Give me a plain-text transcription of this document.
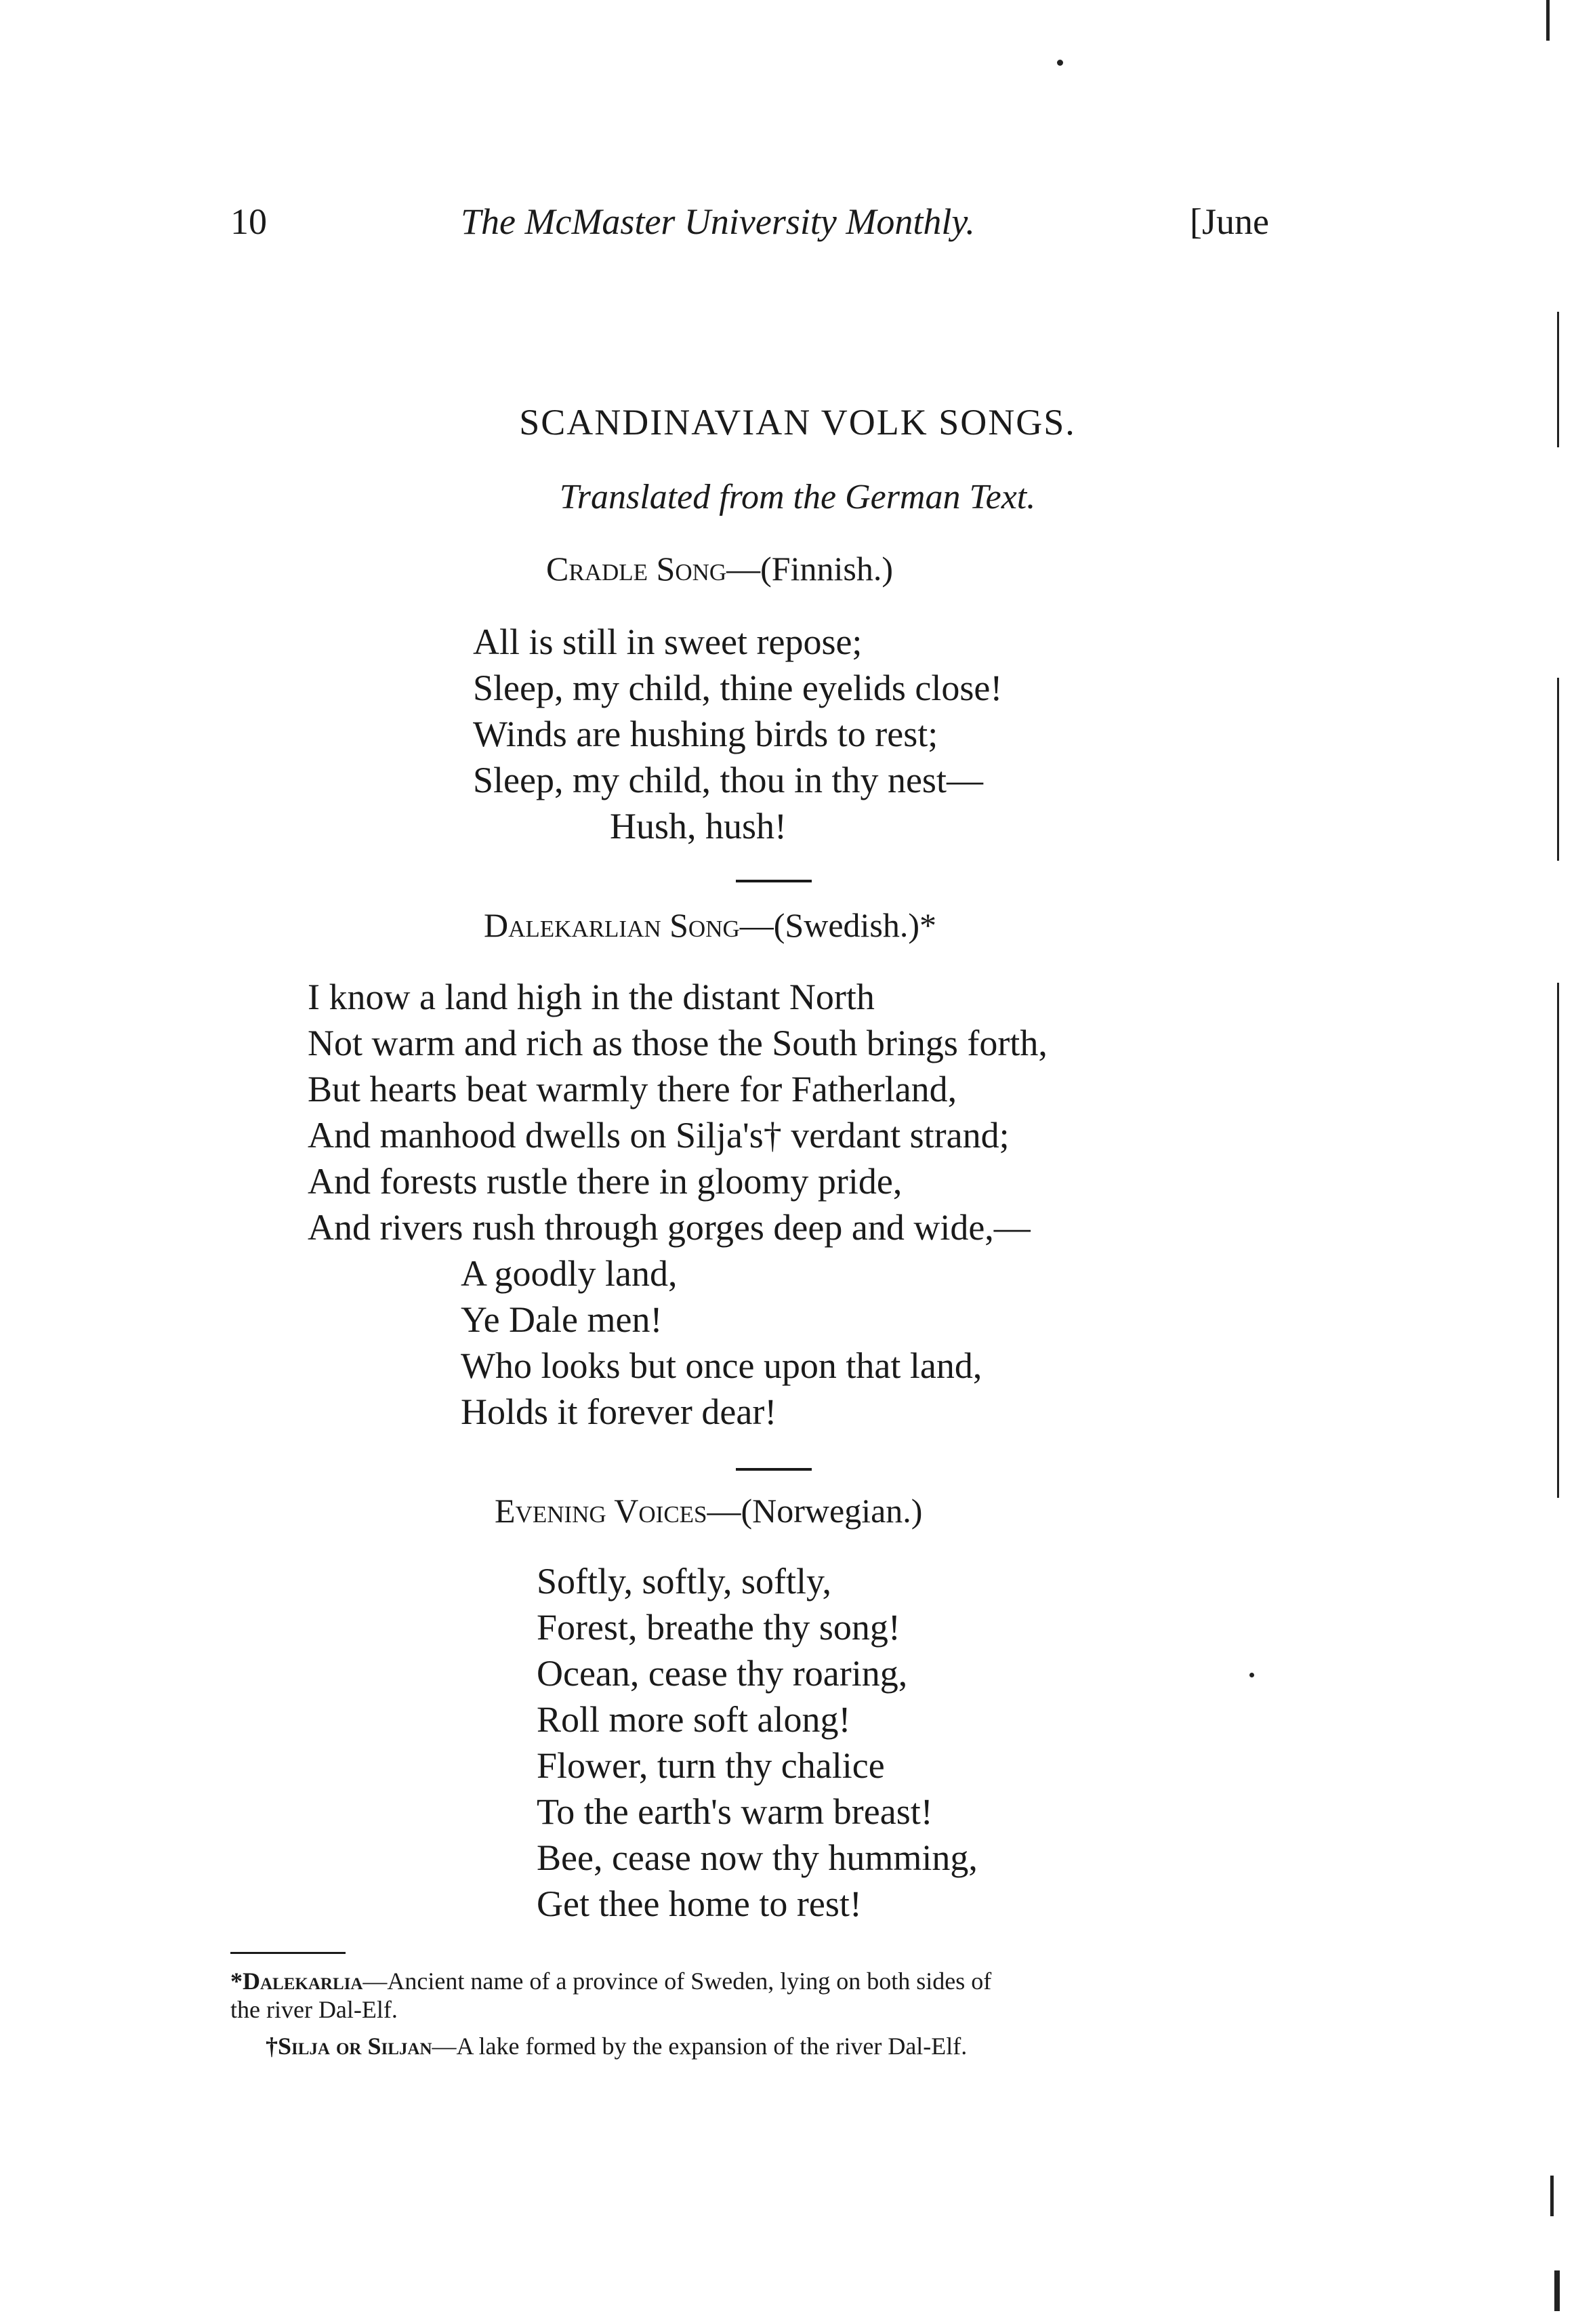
10	The McMaster University Monthly.	[June
SCANDINAVIAN VOLK SONGS.
Translated from the German Text.
Cradle Song—(Finnish.)
All is still in sweet repose;
Sleep, my child, thine eyelids close!
Winds are hushing birds to rest;
Sleep, my child, thou in thy nest—
Hush, hush!
Dalekarlian Song—(Swedish.)*
I know a land high in the distant North
Not warm and rich as those the South brings forth,
But hearts beat warmly there for Fatherland,
And manhood dwells on Silja's† verdant strand;
And forests rustle there in gloomy pride,
And rivers rush through gorges deep and wide,—
A goodly land,
Ye Dale men!
Who looks but once upon that land,
Holds it forever dear!
Evening Voices—(Norwegian.)
Softly, softly, softly,
Forest, breathe thy song!
Ocean, cease thy roaring,
Roll more soft along!
Flower, turn thy chalice
To the earth's warm breast!
Bee, cease now thy humming,
Get thee home to rest!
*Dalekarlia—Ancient name of a province of Sweden, lying on both sides of
the river Dal-Elf.
†Silja or Siljan—A lake formed by the expansion of the river Dal-Elf.
